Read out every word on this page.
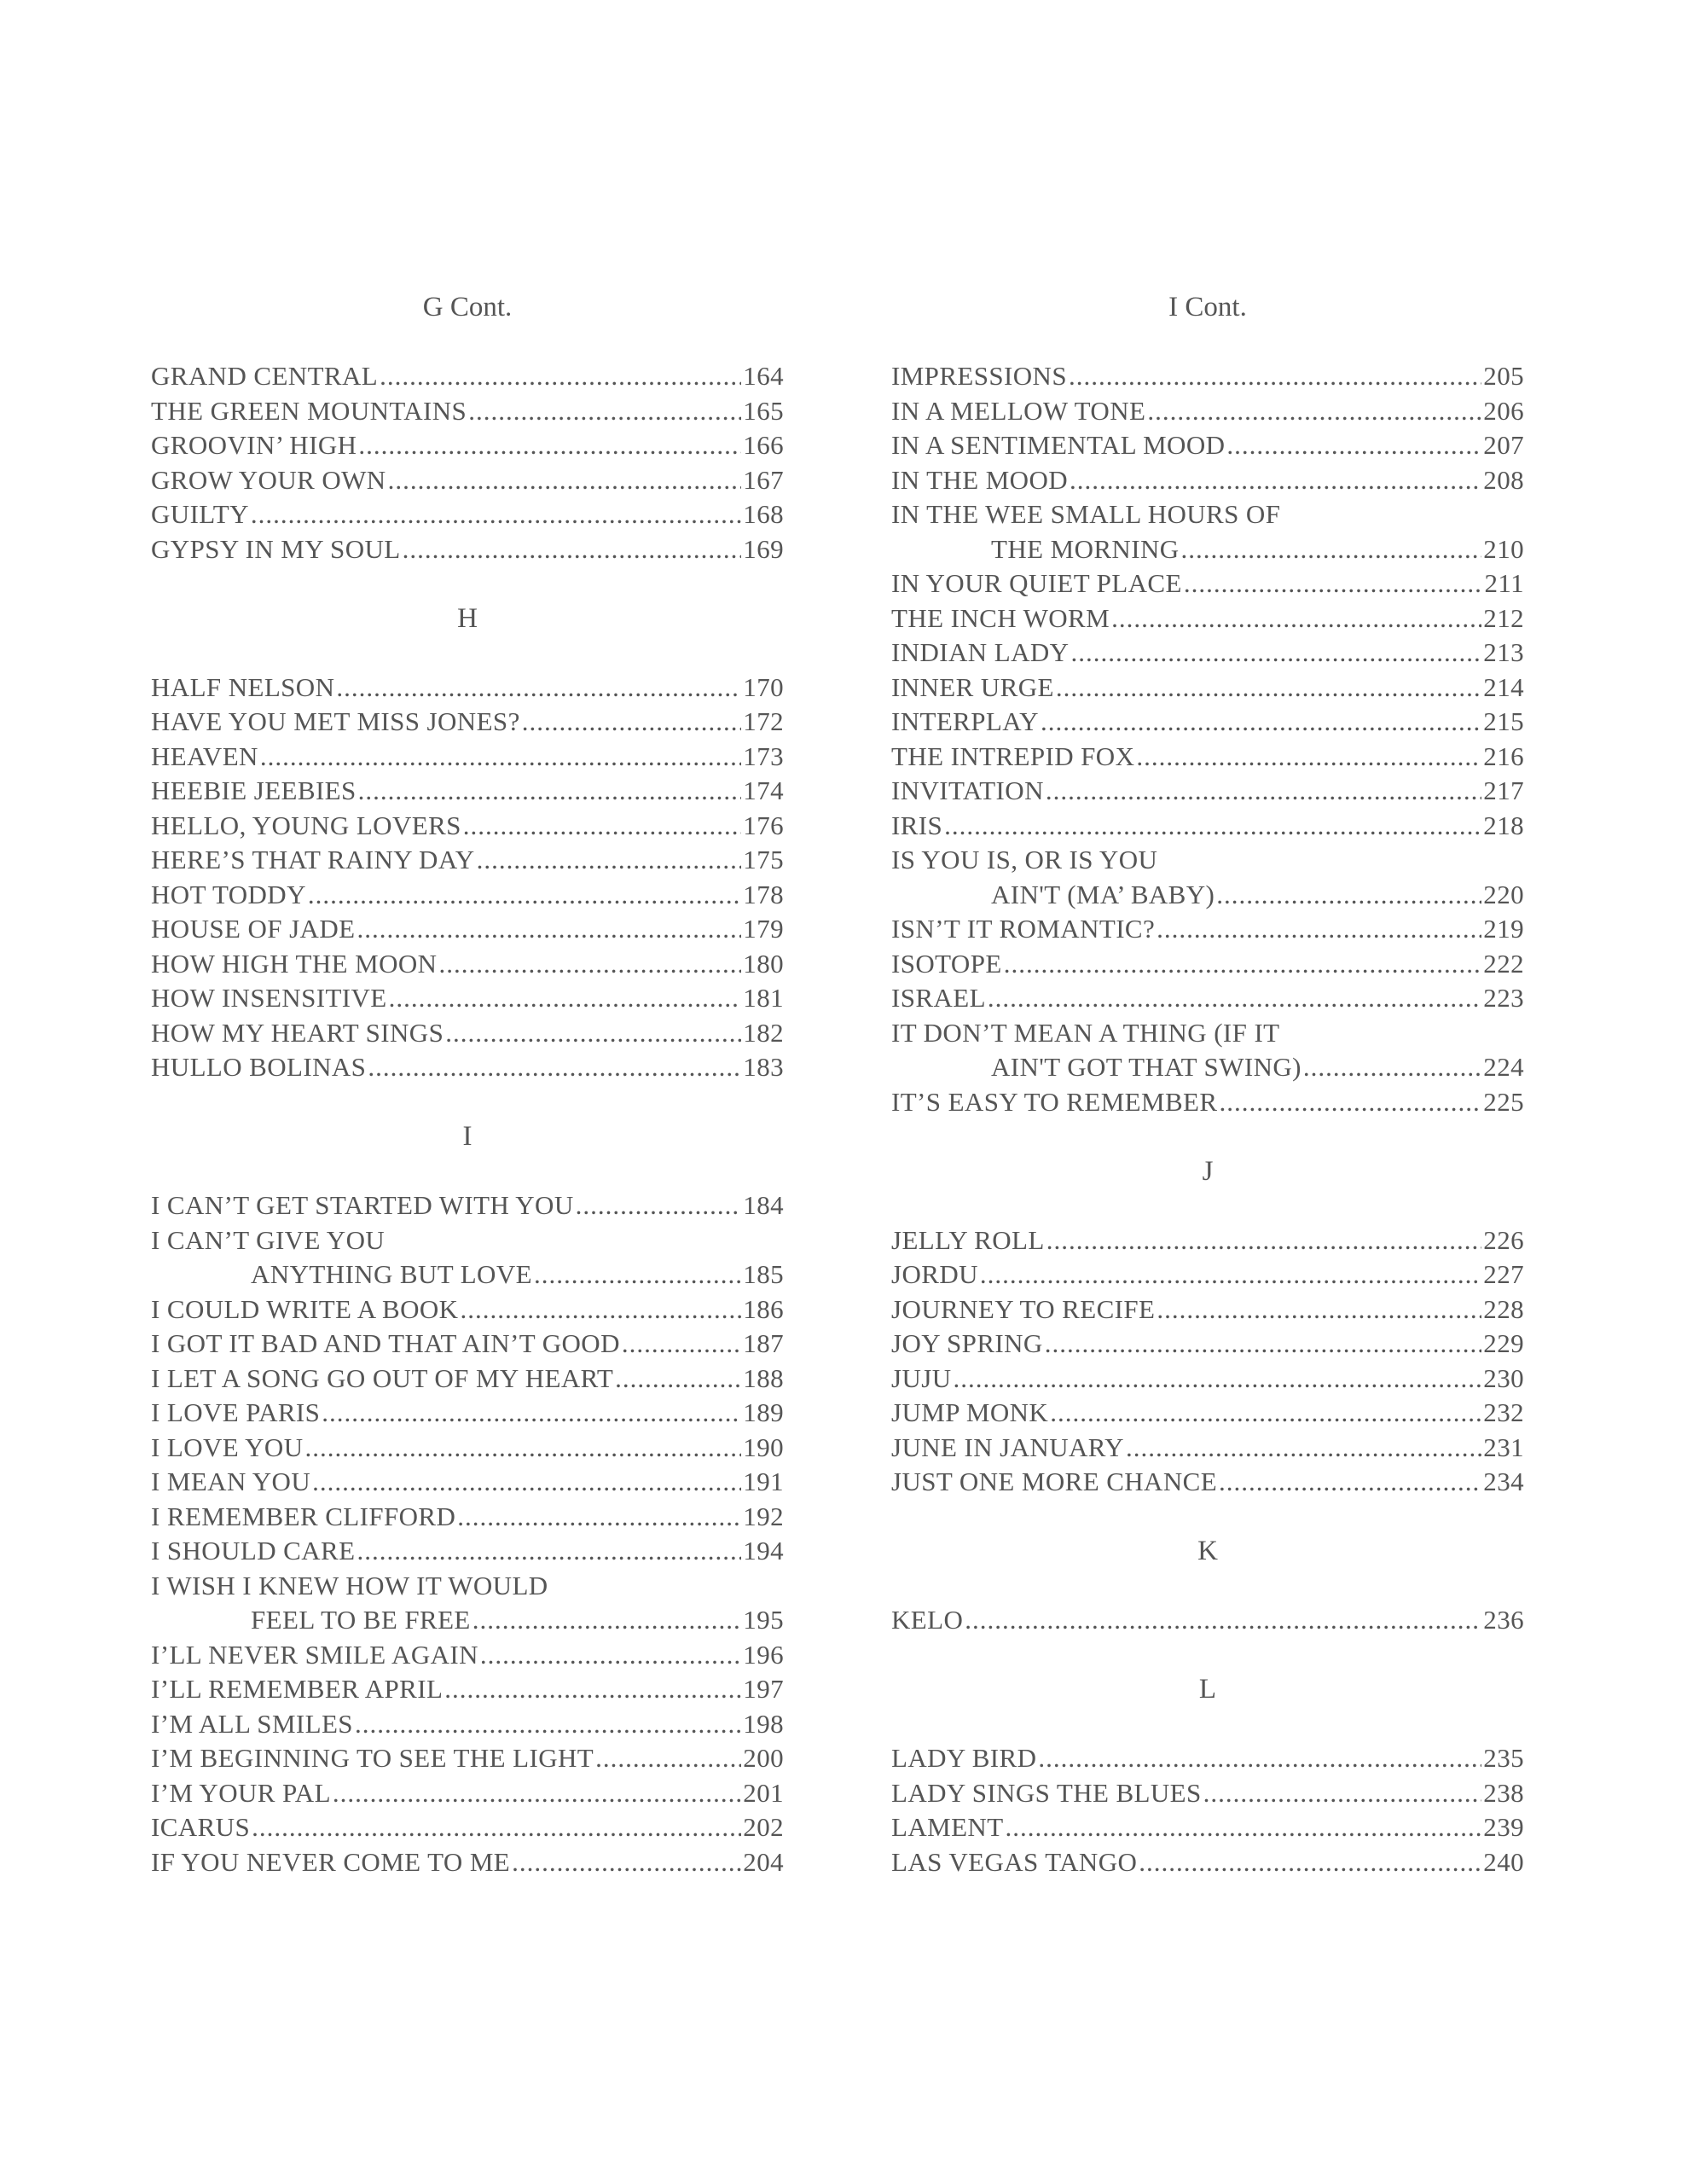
G Cont.
GRAND CENTRAL .....	164
THE GREEN MOUNTAINS .....	165
GROOVIN’ HIGH .....	166
GROW YOUR OWN .....	167
GUILTY .....	168
GYPSY IN MY SOUL .....	169
H
HALF NELSON .....	170
HAVE YOU MET MISS JONES? .....	172
HEAVEN .....	173
HEEBIE JEEBIES .....	174
HELLO, YOUNG LOVERS .....	176
HERE’S THAT RAINY DAY .....	175
HOT TODDY .....	178
HOUSE OF JADE .....	179
HOW HIGH THE MOON .....	180
HOW INSENSITIVE .....	181
HOW MY HEART SINGS .....	182
HULLO BOLINAS .....	183
I
I CAN’T GET STARTED WITH YOU .....	184
I CAN’T GIVE YOU
ANYTHING BUT LOVE .....	185
I COULD WRITE A BOOK .....	186
I GOT IT BAD AND THAT AIN’T GOOD .....	187
I LET A SONG GO OUT OF MY HEART .....	188
I LOVE PARIS .....	189
I LOVE YOU .....	190
I MEAN YOU .....	191
I REMEMBER CLIFFORD .....	192
I SHOULD CARE .....	194
I WISH I KNEW HOW IT WOULD
FEEL TO BE FREE .....	195
I’LL NEVER SMILE AGAIN .....	196
I’LL REMEMBER APRIL .....	197
I’M ALL SMILES .....	198
I’M BEGINNING TO SEE THE LIGHT .....	200
I’M YOUR PAL .....	201
ICARUS .....	202
IF YOU NEVER COME TO ME .....	204
I Cont.
IMPRESSIONS .....	205
IN A MELLOW TONE .....	206
IN A SENTIMENTAL MOOD .....	207
IN THE MOOD .....	208
IN THE WEE SMALL HOURS OF
THE MORNING .....	210
IN YOUR QUIET PLACE .....	211
THE INCH WORM .....	212
INDIAN LADY .....	213
INNER URGE .....	214
INTERPLAY .....	215
THE INTREPID FOX .....	216
INVITATION .....	217
IRIS .....	218
IS YOU IS, OR IS YOU
AIN'T (MA’ BABY) .....	220
ISN’T IT ROMANTIC? .....	219
ISOTOPE .....	222
ISRAEL .....	223
IT DON’T MEAN A THING (IF IT
AIN'T GOT THAT SWING) .....	224
IT’S EASY TO REMEMBER .....	225
J
JELLY ROLL .....	226
JORDU .....	227
JOURNEY TO RECIFE .....	228
JOY SPRING .....	229
JUJU .....	230
JUMP MONK .....	232
JUNE IN JANUARY .....	231
JUST ONE MORE CHANCE .....	234
K
KELO .....	236
L
LADY BIRD .....	235
LADY SINGS THE BLUES .....	238
LAMENT .....	239
LAS VEGAS TANGO .....	240
